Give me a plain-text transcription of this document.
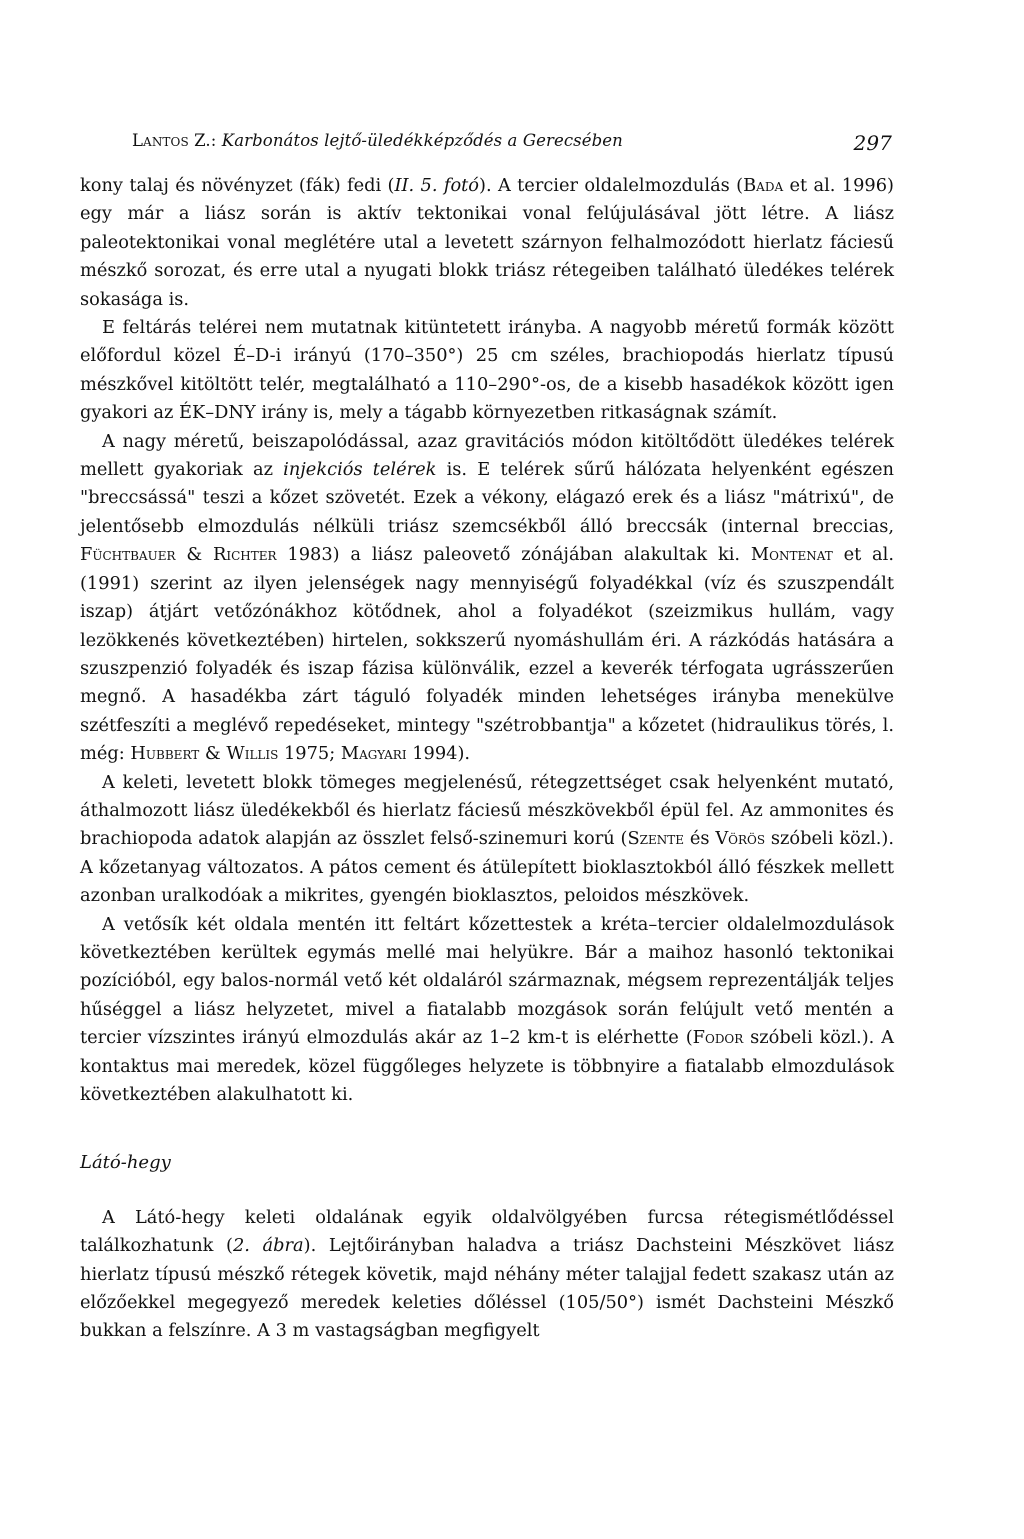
Lantos Z.: Karbonátos lejtő-üledékképződés a Gerecsében	297

kony talaj és növényzet (fák) fedi (II. 5. fotó). A tercier oldalelmozdulás (Bada et al. 1996) egy már a liász során is aktív tektonikai vonal felújulásával jött létre. A liász paleotektonikai vonal meglétére utal a levetett szárnyon felhalmozódott hierlatz fáciesű mészkő sorozat, és erre utal a nyugati blokk triász rétegeiben található üledékes telérek sokasága is.

E feltárás telérei nem mutatnak kitüntetett irányba. A nagyobb méretű formák között előfordul közel É–D-i irányú (170–350°) 25 cm széles, brachiopodás hierlatz típusú mészkővel kitöltött telér, megtalálható a 110–290°-os, de a kisebb hasadékok között igen gyakori az ÉK–DNY irány is, mely a tágabb környezetben ritkaságnak számít.

A nagy méretű, beiszapolódással, azaz gravitációs módon kitöltődött üledékes telérek mellett gyakoriak az injekciós telérek is. E telérek sűrű hálózata helyenként egészen "breccsássá" teszi a kőzet szövetét. Ezek a vékony, elágazó erek és a liász "mátrixú", de jelentősebb elmozdulás nélküli triász szemcsékből álló breccsák (internal breccias, Füchtbauer & Richter 1983) a liász paleovető zónájában alakultak ki. Montenat et al. (1991) szerint az ilyen jelenségek nagy mennyiségű folyadékkal (víz és szuszpendált iszap) átjárt vetőzónákhoz kötődnek, ahol a folyadékot (szeizmikus hullám, vagy lezökkenés következtében) hirtelen, sokkszerű nyomáshullám éri. A rázkódás hatására a szuszpenzió folyadék és iszap fázisa különválik, ezzel a keverék térfogata ugrásszerűen megnő. A hasadékba zárt táguló folyadék minden lehetséges irányba menekülve szétfeszíti a meglévő repedéseket, mintegy "szétrobbantja" a kőzetet (hidraulikus törés, l. még: Hubbert & Willis 1975; Magyari 1994).

A keleti, levetett blokk tömeges megjelenésű, rétegzettséget csak helyenként mutató, áthalmozott liász üledékekből és hierlatz fáciesű mészkövekből épül fel. Az ammonites és brachiopoda adatok alapján az összlet felső-szinemuri korú (Szente és Vörös szóbeli közl.). A kőzetanyag változatos. A pátos cement és átülepített bioklasztokból álló fészkek mellett azonban uralkodóak a mikrites, gyengén bioklasztos, peloidos mészkövek.

A vetősík két oldala mentén itt feltárt kőzettestek a kréta–tercier oldalelmozdulások következtében kerültek egymás mellé mai helyükre. Bár a maihoz hasonló tektonikai pozícióból, egy balos-normál vető két oldaláról származnak, mégsem reprezentálják teljes hűséggel a liász helyzetet, mivel a fiatalabb mozgások során felújult vető mentén a tercier vízszintes irányú elmozdulás akár az 1–2 km-t is elérhette (Fodor szóbeli közl.). A kontaktus mai meredek, közel függőleges helyzete is többnyire a fiatalabb elmozdulások következtében alakulhatott ki.

Látó-hegy

A Látó-hegy keleti oldalának egyik oldalvölgyében furcsa rétegismétlődéssel találkozhatunk (2. ábra). Lejtőirányban haladva a triász Dachsteini Mészkövet liász hierlatz típusú mészkő rétegek követik, majd néhány méter talajjal fedett szakasz után az előzőekkel megegyező meredek keleties dőléssel (105/50°) ismét Dachsteini Mészkő bukkan a felszínre. A 3 m vastagságban megfigyelt
